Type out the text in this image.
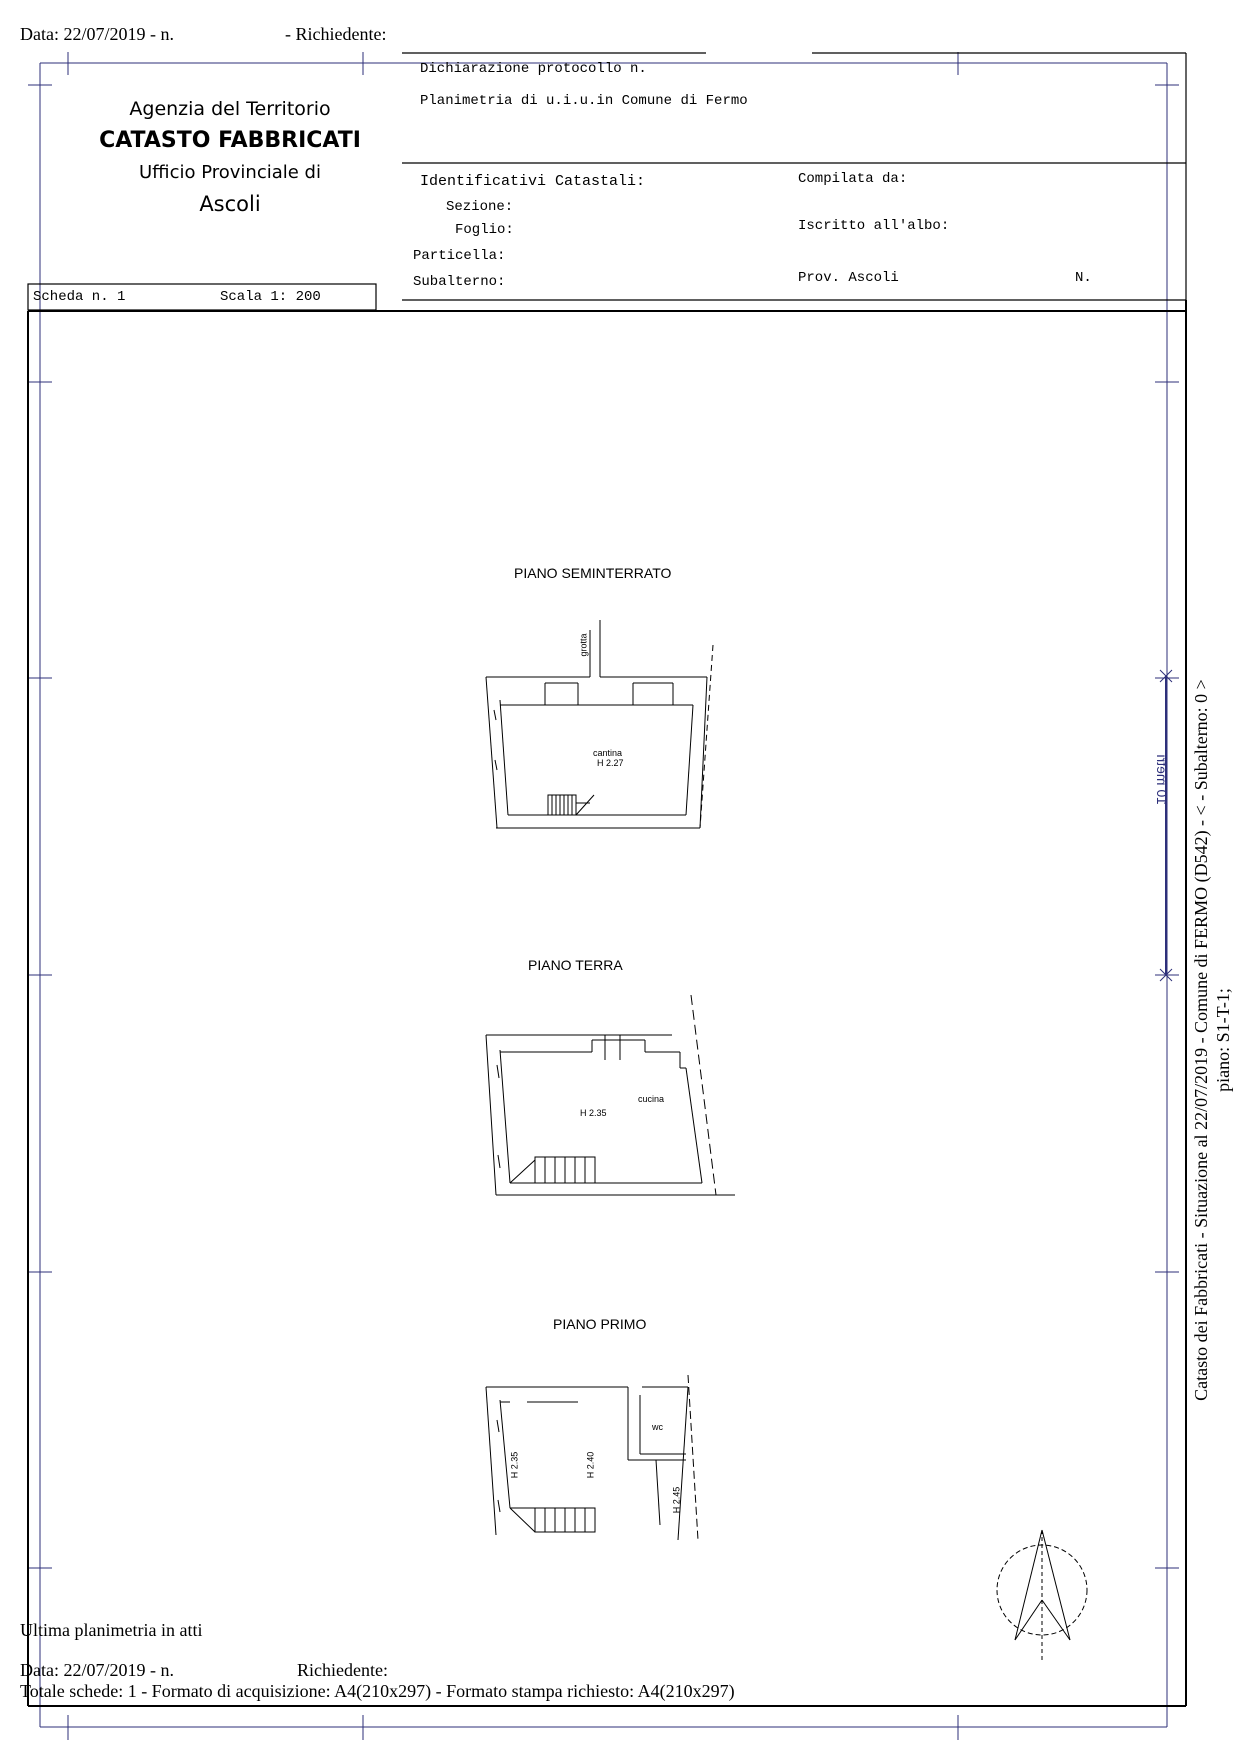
Data: 22/07/2019 - n.	- Richiedente:
Agenzia del Territorio
CATASTO FABBRICATI
Ufficio Provinciale di
Ascoli
Dichiarazione protocollo n.
Planimetria di u.i.u.in Comune di Fermo
Identificativi Catastali:
Sezione:
Foglio:
Particella:
Subalterno:
Compilata da:
Iscritto all'albo:
Prov. Ascoli	N.
Scheda n. 1	Scala 1: 200
PIANO SEMINTERRATO
PIANO TERRA
PIANO PRIMO
grotta
cantina
H 2.27
cucina
H 2.35
wc
H 2.35	H 2.40
H 2.45
10 metri Catasto dei Fabbricati - Situazione al 22/07/2019 - Comune di FERMO (D542) - < - Subalterno: 0 > piano: S1-T-1;
Ultima planimetria in atti
Data: 22/07/2019 - n.	Richiedente:
Totale schede: 1 - Formato di acquisizione: A4(210x297) - Formato stampa richiesto: A4(210x297)
